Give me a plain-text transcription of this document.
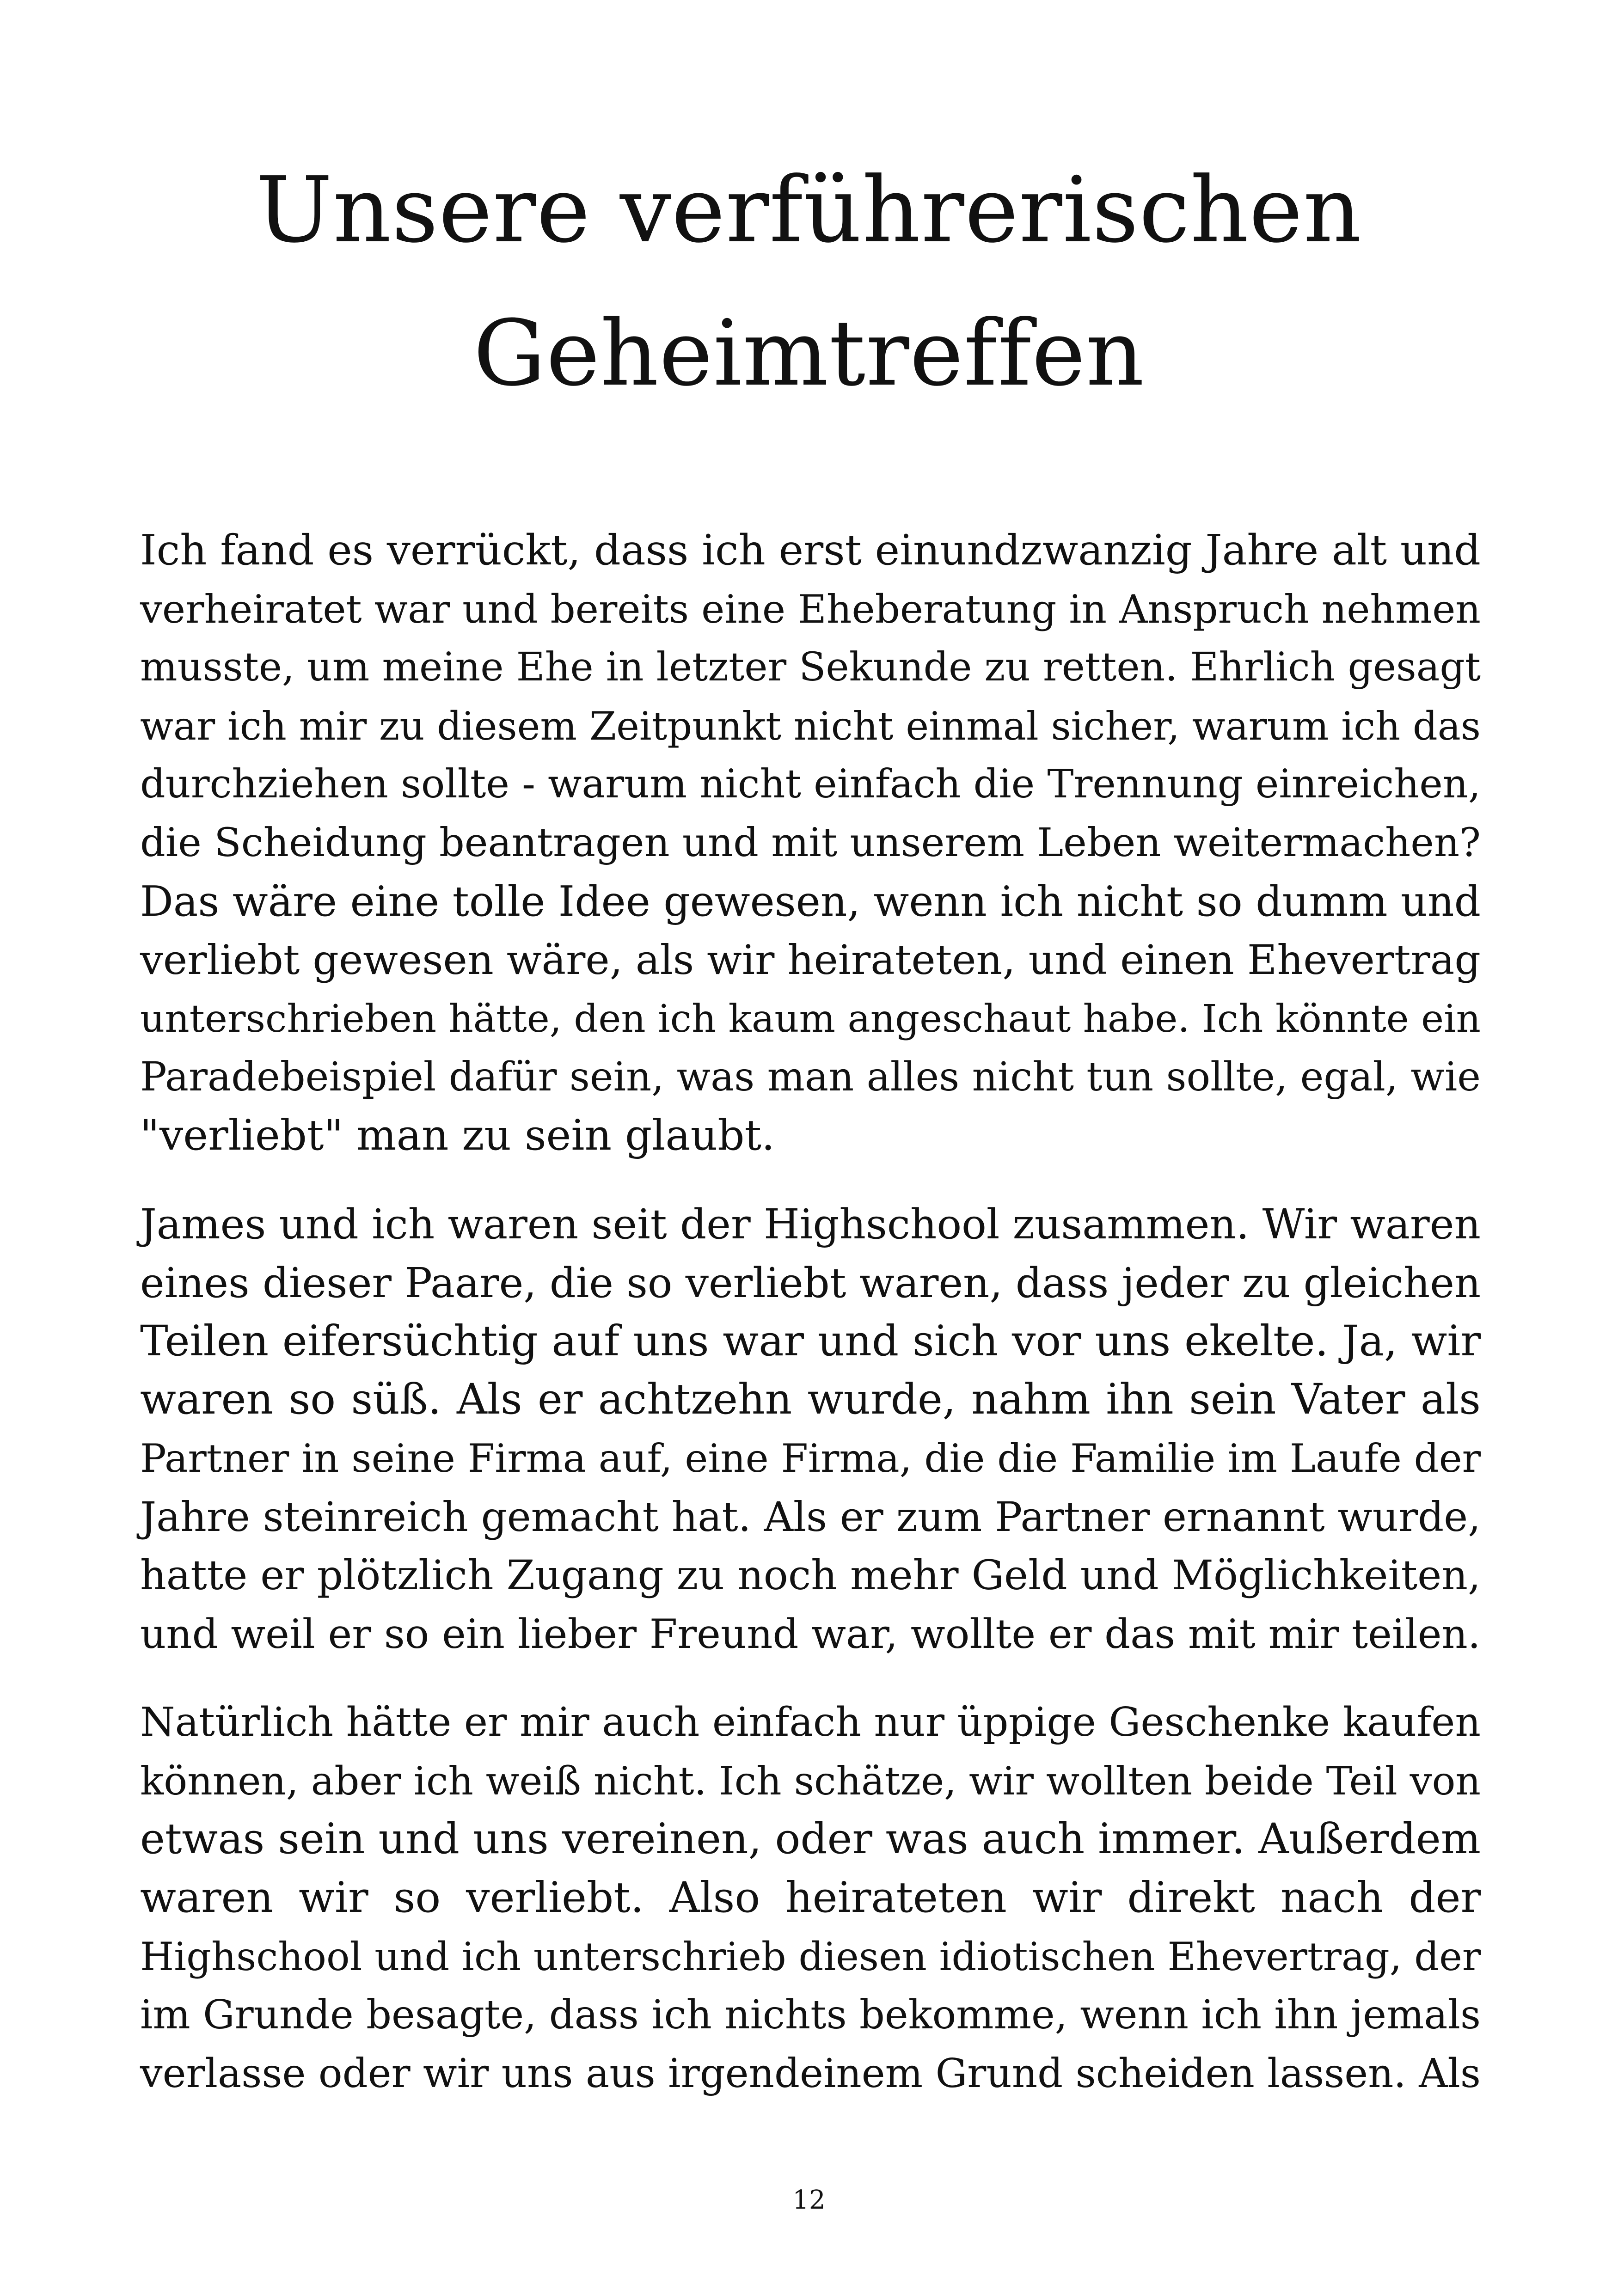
Unsere verführerischen
Geheimtreffen

Ich fand es verrückt, dass ich erst einundzwanzig Jahre alt und
verheiratet war und bereits eine Eheberatung in Anspruch nehmen
musste, um meine Ehe in letzter Sekunde zu retten. Ehrlich gesagt
war ich mir zu diesem Zeitpunkt nicht einmal sicher, warum ich das
durchziehen sollte - warum nicht einfach die Trennung einreichen,
die Scheidung beantragen und mit unserem Leben weitermachen?
Das wäre eine tolle Idee gewesen, wenn ich nicht so dumm und
verliebt gewesen wäre, als wir heirateten, und einen Ehevertrag
unterschrieben hätte, den ich kaum angeschaut habe. Ich könnte ein
Paradebeispiel dafür sein, was man alles nicht tun sollte, egal, wie
"verliebt" man zu sein glaubt.

James und ich waren seit der Highschool zusammen. Wir waren
eines dieser Paare, die so verliebt waren, dass jeder zu gleichen
Teilen eifersüchtig auf uns war und sich vor uns ekelte. Ja, wir
waren so süß. Als er achtzehn wurde, nahm ihn sein Vater als
Partner in seine Firma auf, eine Firma, die die Familie im Laufe der
Jahre steinreich gemacht hat. Als er zum Partner ernannt wurde,
hatte er plötzlich Zugang zu noch mehr Geld und Möglichkeiten,
und weil er so ein lieber Freund war, wollte er das mit mir teilen.

Natürlich hätte er mir auch einfach nur üppige Geschenke kaufen
können, aber ich weiß nicht. Ich schätze, wir wollten beide Teil von
etwas sein und uns vereinen, oder was auch immer. Außerdem
waren wir so verliebt. Also heirateten wir direkt nach der
Highschool und ich unterschrieb diesen idiotischen Ehevertrag, der
im Grunde besagte, dass ich nichts bekomme, wenn ich ihn jemals
verlasse oder wir uns aus irgendeinem Grund scheiden lassen. Als

12
